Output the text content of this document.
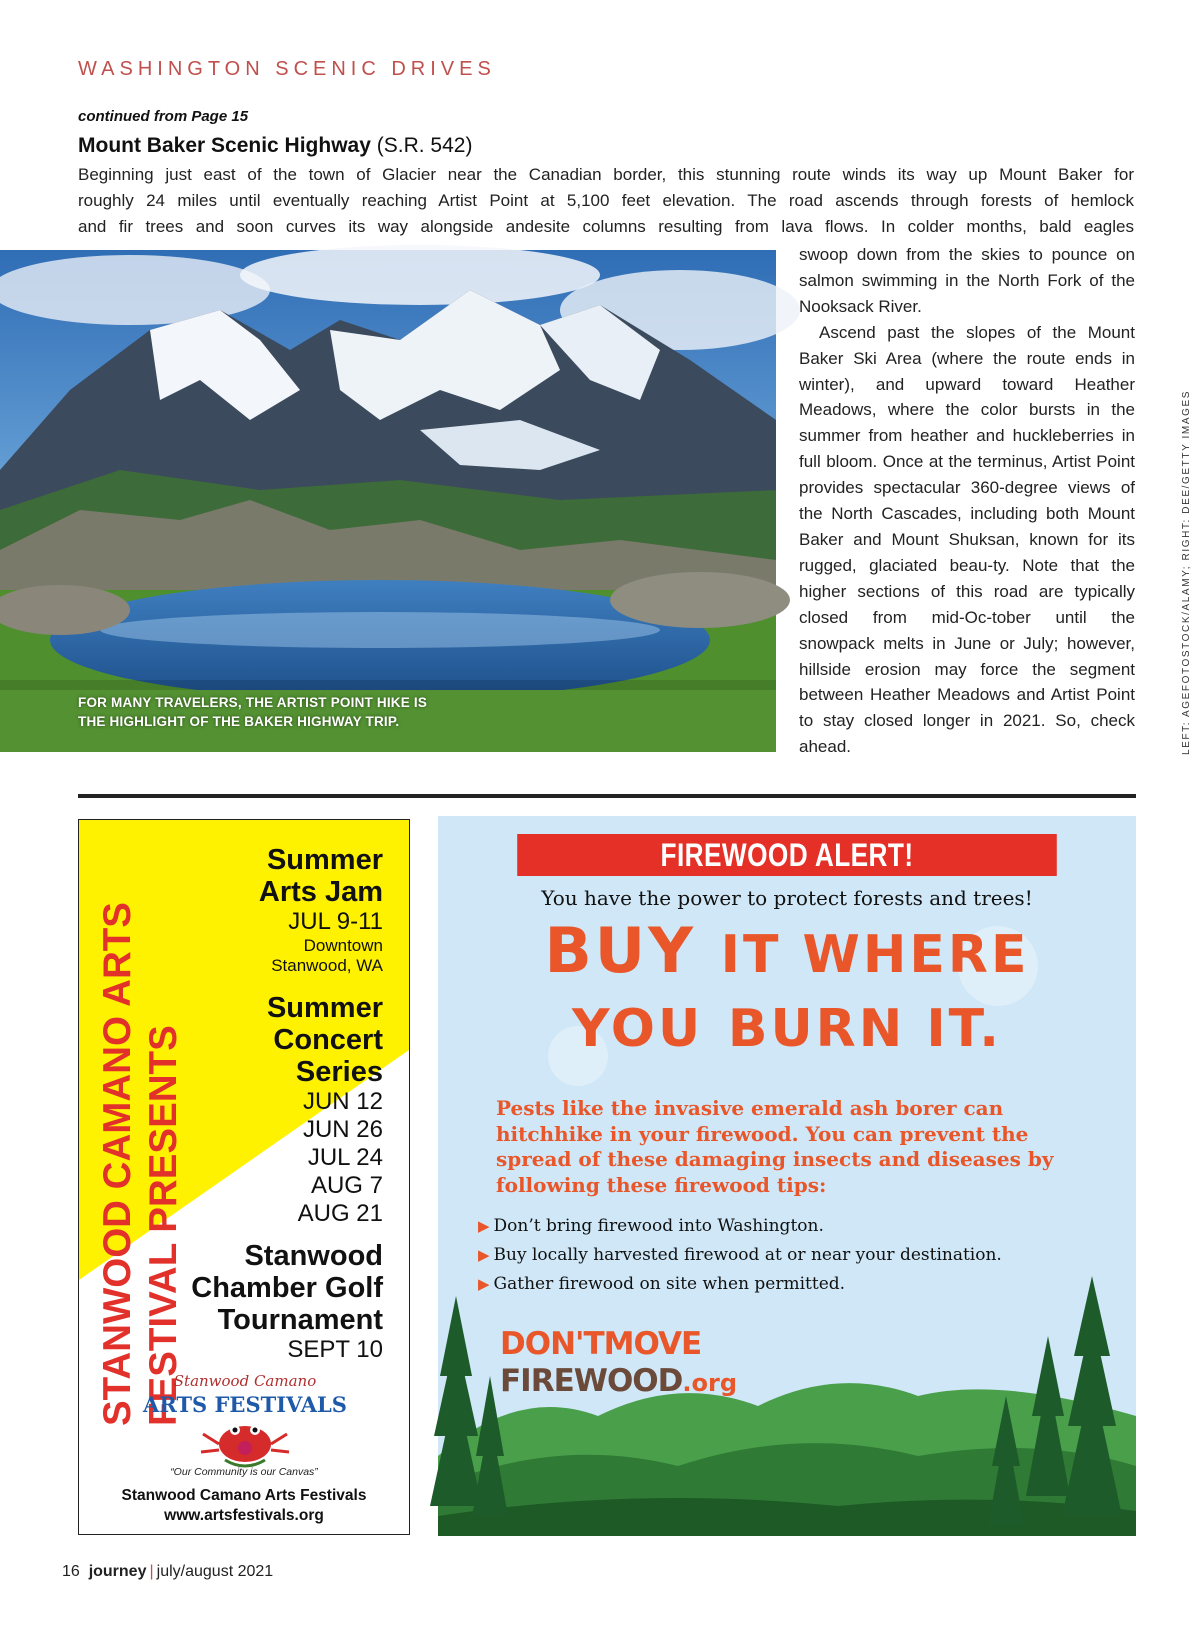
WASHINGTON SCENIC DRIVES
continued from Page 15
Mount Baker Scenic Highway (S.R. 542)
Beginning just east of the town of Glacier near the Canadian border, this stunning route winds its way up Mount Baker for
roughly 24 miles until eventually reaching Artist Point at 5,100 feet elevation. The road ascends through forests of hemlock
and fir trees and soon curves its way alongside andesite columns resulting from lava flows. In colder months, bald eagles
FOR MANY TRAVELERS, THE ARTIST POINT HIKE IS
THE HIGHLIGHT OF THE BAKER HIGHWAY TRIP.

swoop down from the skies to pounce on salmon swimming in the North Fork of the Nooksack River.

Ascend past the slopes of the Mount Baker Ski Area (where the route ends in winter), and upward toward Heather Meadows, where the color bursts in the summer from heather and huckleberries in full bloom. Once at the terminus, Artist Point provides spectacular 360-degree views of the North Cascades, including both Mount Baker and Mount Shuksan, known for its rugged, glaciated beau-ty. Note that the higher sections of this road are typically closed from mid-Oc-tober until the snowpack melts in June or July; however, hillside erosion may force the segment between Heather Meadows and Artist Point to stay closed longer in 2021. So, check ahead.	LEFT: AGEFOTOSTOCK/ALAMY; RIGHT: DEE/GETTY IMAGES
STANWOOD CAMANO ARTS FESTIVAL PRESENTS
Summer
Arts Jam
JUL 9-11
Downtown
Stanwood, WA
Summer
Concert
Series
JUN 12
JUN 26
JUL 24
AUG 7
AUG 21
Stanwood
Chamber Golf
Tournament
SEPT 10
Stanwood Camano
ARTS FESTIVALS
“Our Community is our Canvas”
Stanwood Camano Arts Festivals
www.artsfestivals.org
FIREWOOD ALERT!
You have the power to protect forests and trees!
BUY IT WHERE
YOU BURN IT.
Pests like the invasive emerald ash borer can hitchhike in your firewood. You can prevent the spread of these damaging insects and diseases by following these firewood tips:
▶ Don’t bring firewood into Washington.
▶ Buy locally harvested firewood at or near your destination.
▶ Gather firewood on site when permitted.
DON'TMOVE
FIREWOOD.org
16 journey | july/august 2021
